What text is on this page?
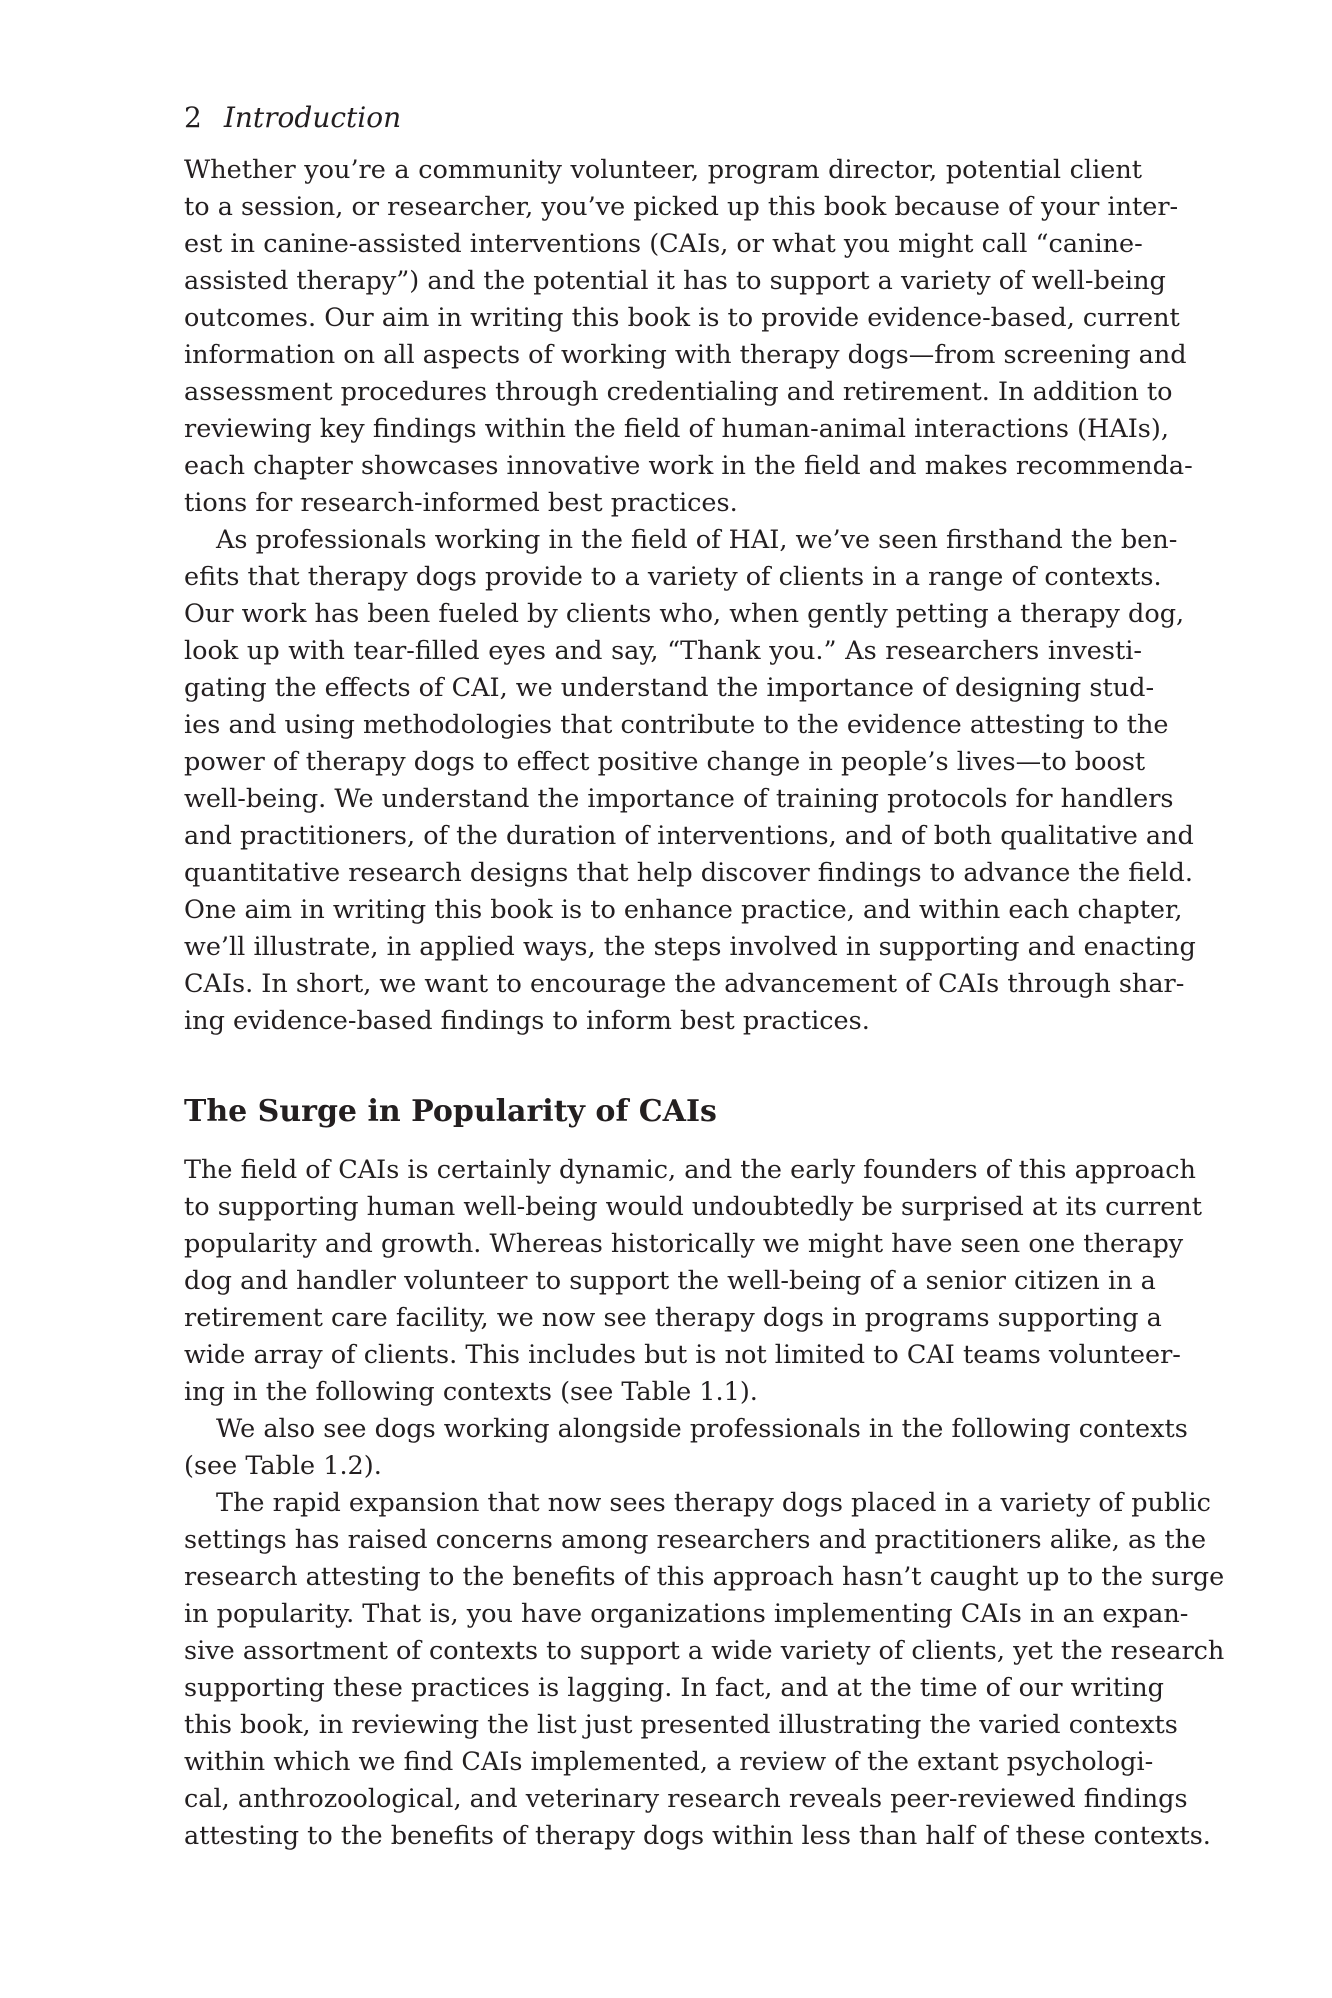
2 Introduction
Whether you’re a community volunteer, program director, potential client
to a session, or researcher, you’ve picked up this book because of your inter-
est in canine-assisted interventions (CAIs, or what you might call “canine-
assisted therapy”) and the potential it has to support a variety of well-being
outcomes. Our aim in writing this book is to provide evidence-based, current
information on all aspects of working with therapy dogs—from screening and
assessment procedures through credentialing and retirement. In addition to
reviewing key findings within the field of human-animal interactions (HAIs),
each chapter showcases innovative work in the field and makes recommenda-
tions for research-informed best practices.
As professionals working in the field of HAI, we’ve seen firsthand the ben-
efits that therapy dogs provide to a variety of clients in a range of contexts.
Our work has been fueled by clients who, when gently petting a therapy dog,
look up with tear-filled eyes and say, “Thank you.” As researchers investi-
gating the effects of CAI, we understand the importance of designing stud-
ies and using methodologies that contribute to the evidence attesting to the
power of therapy dogs to effect positive change in people’s lives—to boost
well-being. We understand the importance of training protocols for handlers
and practitioners, of the duration of interventions, and of both qualitative and
quantitative research designs that help discover findings to advance the field.
One aim in writing this book is to enhance practice, and within each chapter,
we’ll illustrate, in applied ways, the steps involved in supporting and enacting
CAIs. In short, we want to encourage the advancement of CAIs through shar-
ing evidence-based findings to inform best practices.
The Surge in Popularity of CAIs
The field of CAIs is certainly dynamic, and the early founders of this approach
to supporting human well-being would undoubtedly be surprised at its current
popularity and growth. Whereas historically we might have seen one therapy
dog and handler volunteer to support the well-being of a senior citizen in a
retirement care facility, we now see therapy dogs in programs supporting a
wide array of clients. This includes but is not limited to CAI teams volunteer-
ing in the following contexts (see Table 1.1).
We also see dogs working alongside professionals in the following contexts
(see Table 1.2).
The rapid expansion that now sees therapy dogs placed in a variety of public
settings has raised concerns among researchers and practitioners alike, as the
research attesting to the benefits of this approach hasn’t caught up to the surge
in popularity. That is, you have organizations implementing CAIs in an expan-
sive assortment of contexts to support a wide variety of clients, yet the research
supporting these practices is lagging. In fact, and at the time of our writing
this book, in reviewing the list just presented illustrating the varied contexts
within which we find CAIs implemented, a review of the extant psychologi-
cal, anthrozoological, and veterinary research reveals peer-reviewed findings
attesting to the benefits of therapy dogs within less than half of these contexts.
